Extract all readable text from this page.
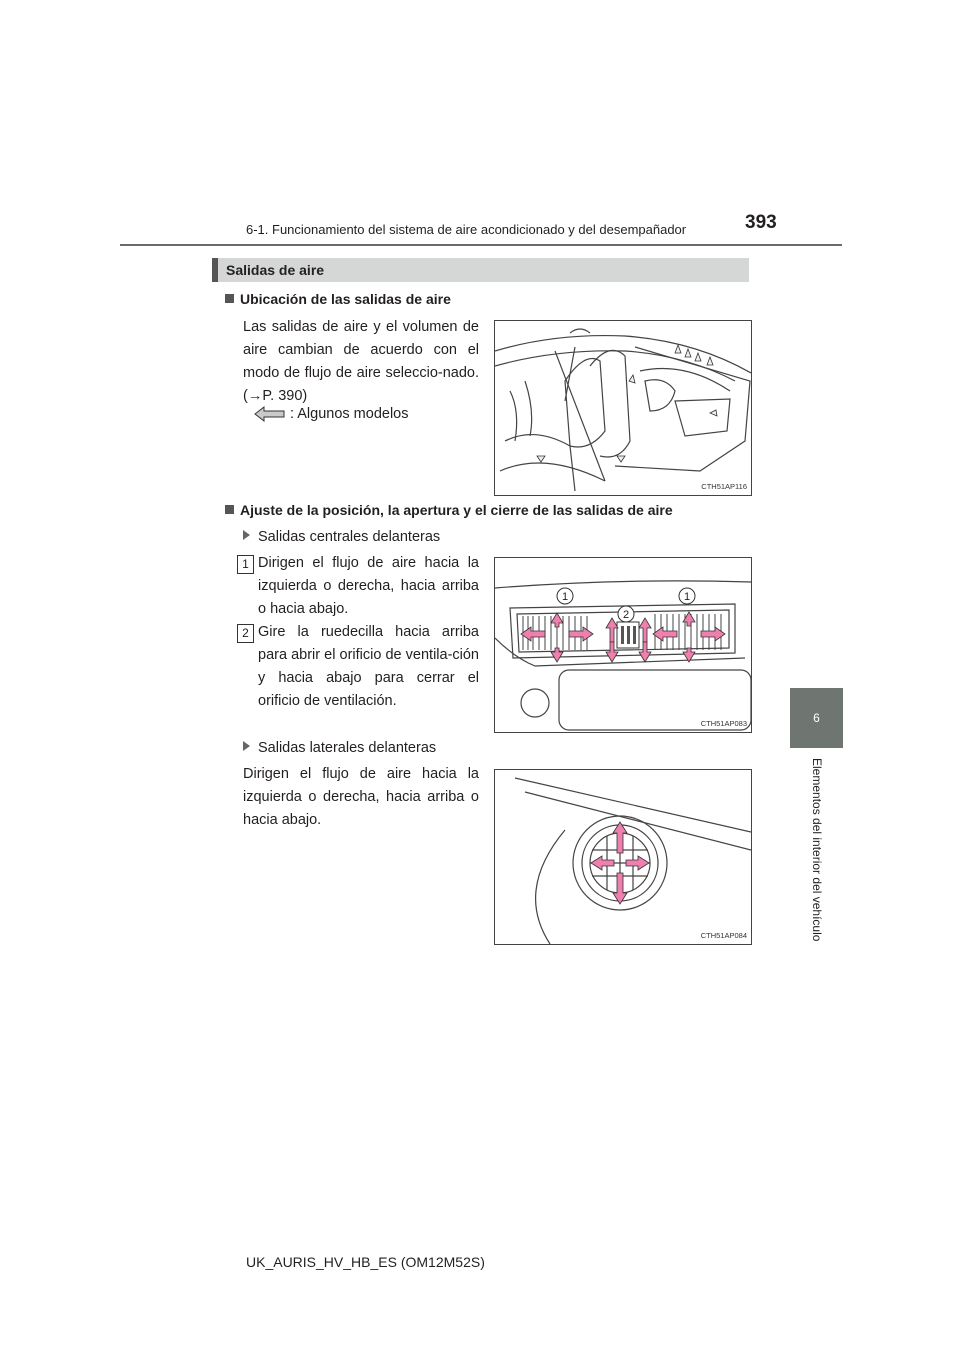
6-1. Funcionamiento del sistema de aire acondicionado y del desempañador	393
6
Elementos del interior del vehículo
Salidas de aire
Ubicación de las salidas de aire
Las salidas de aire y el volumen de aire cambian de acuerdo con el modo de flujo de aire seleccio-nado. (→P. 390)
: Algunos modelos
CTH51AP116
Ajuste de la posición, la apertura y el cierre de las salidas de aire
Salidas centrales delanteras
1 Dirigen el flujo de aire hacia la izquierda o derecha, hacia arriba o hacia abajo.
2 Gire la ruedecilla hacia arriba para abrir el orificio de ventila-ción y hacia abajo para cerrar el orificio de ventilación.
1	1
2
CTH51AP083
Salidas laterales delanteras
Dirigen el flujo de aire hacia la izquierda o derecha, hacia arriba o hacia abajo.
CTH51AP084
UK_AURIS_HV_HB_ES (OM12M52S)
